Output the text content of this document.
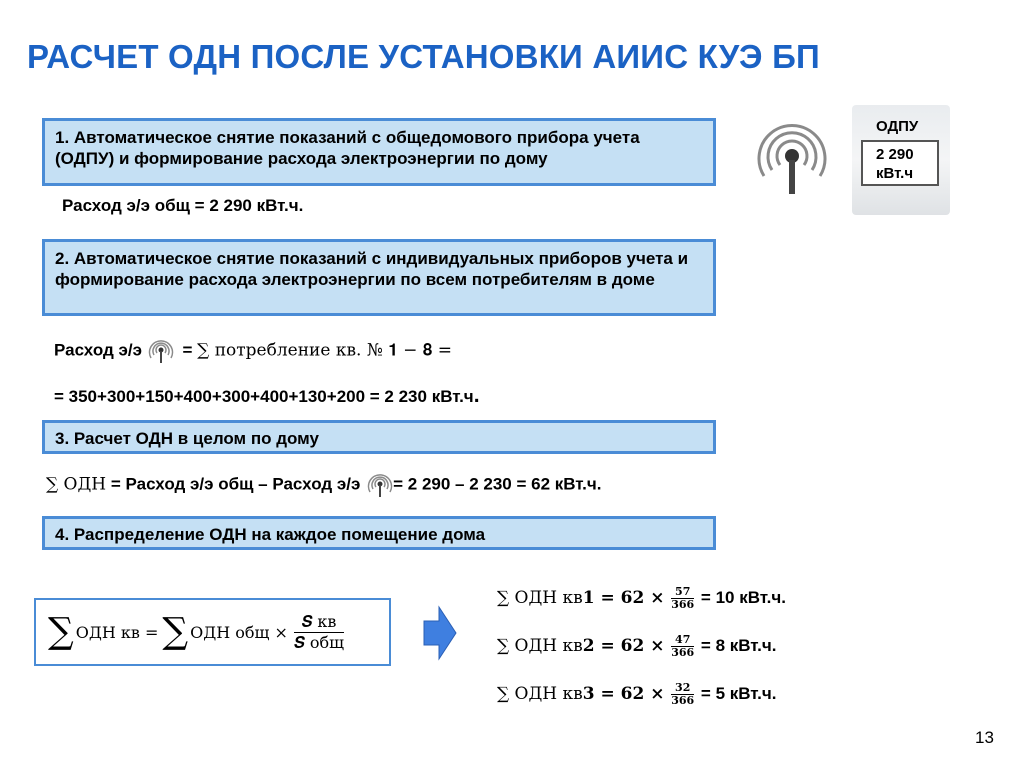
РАСЧЕТ ОДН ПОСЛЕ УСТАНОВКИ АИИС КУЭ БП
1. Автоматическое снятие показаний с общедомового прибора учета (ОДПУ) и формирование расхода электроэнергии по дому
Расход э/э общ = 2 290 кВт.ч.
ОДПУ
2 290
кВт.ч
2. Автоматическое снятие показаний с индивидуальных приборов учета и формирование расхода электроэнергии по всем потребителям в доме
Расход э/э = ∑ потребление кв. № 𝟏 − 𝟖 =
= 350+300+150+400+300+400+130+200 = 2 230 кВт.ч.
3. Расчет ОДН в целом по дому
∑ ОДН = Расход э/э общ – Расход э/э = 2 290 – 2 230 = 62 кВт.ч.
4. Распределение ОДН на каждое помещение дома
∑ ОДН кв = ∑ ОДН общ ×
𝑺 кв
𝑺 общ
∑ ОДН кв𝟏 = 𝟔𝟐 × $\frac{57}{366} = 10$ кВт.ч.
∑ ОДН кв𝟐 = 𝟔𝟐 × $\frac{47}{366} = 8$ кВт.ч.
∑ ОДН кв𝟑 = 𝟔𝟐 × $\frac{32}{366} = 5$ кВт.ч.
13
